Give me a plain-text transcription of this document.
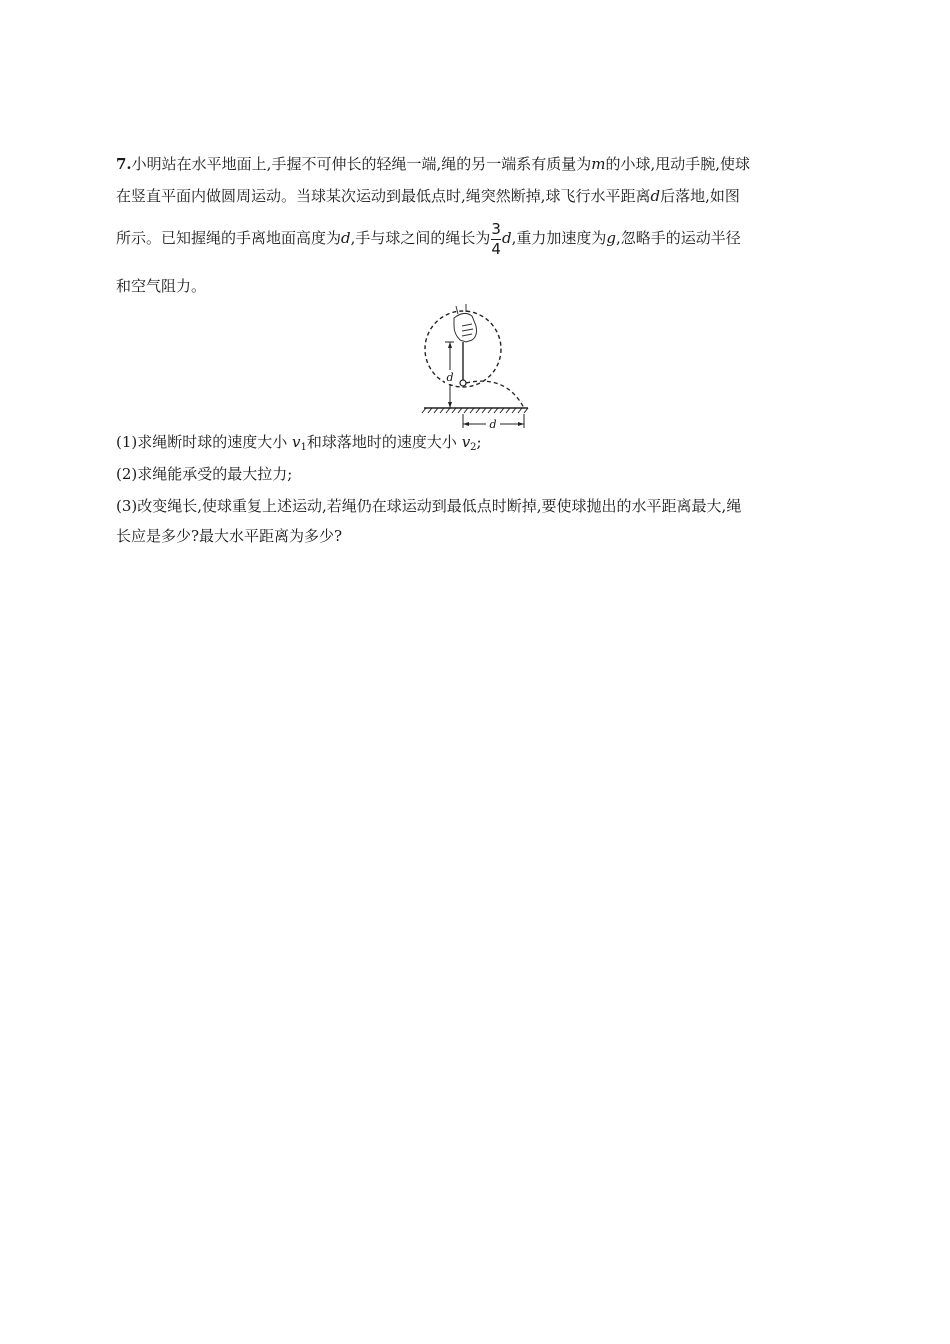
7.小明站在水平地面上,手握不可伸长的轻绳一端,绳的另一端系有质量为m的小球,甩动手腕,使球
在竖直平面内做圆周运动。当球某次运动到最低点时,绳突然断掉,球飞行水平距离d后落地,如图
所示。已知握绳的手离地面高度为d,手与球之间的绳长为 $\frac{3}{4} d$,重力加速度为g,忽略手的运动半径
和空气阻力。
d
d
(1)求绳断时球的速度大小 $v_1$和球落地时的速度大小 $v_2$;
(2)求绳能承受的最大拉力;
(3)改变绳长,使球重复上述运动,若绳仍在球运动到最低点时断掉,要使球抛出的水平距离最大,绳
长应是多少?最大水平距离为多少?
